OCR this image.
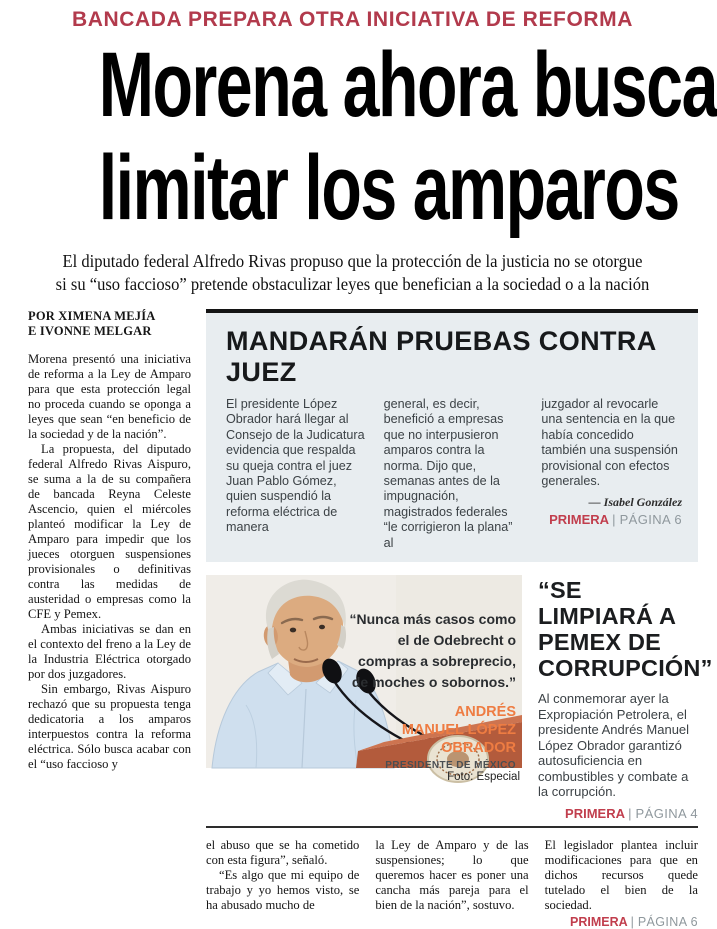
BANCADA PREPARA OTRA INICIATIVA DE REFORMA
Morena ahora busca
limitar los amparos
El diputado federal Alfredo Rivas propuso que la protección de la justicia no se otorgue
si su “uso faccioso” pretende obstaculizar leyes que benefician a la sociedad o a la nación
POR XIMENA MEJÍA
E IVONNE MELGAR

Morena presentó una iniciativa de reforma a la Ley de Amparo para que esta protección legal no proceda cuando se oponga a leyes que sean “en beneficio de la sociedad y de la nación”.

La propuesta, del diputado federal Alfredo Rivas Aispuro, se suma a la de su compañera de bancada Reyna Celeste Ascencio, quien el miércoles planteó modificar la Ley de Amparo para impedir que los jueces otorguen suspensiones provisionales o definitivas contra las medidas de austeridad o empresas como la CFE y Pemex.

Ambas iniciativas se dan en el contexto del freno a la Ley de la Industria Eléctrica otorgado por dos juzgadores.

Sin embargo, Rivas Aispuro rechazó que su propuesta tenga dedicatoria a los amparos interpuestos contra la reforma eléctrica. Sólo busca acabar con el “uso faccioso y

MANDARÁN PRUEBAS CONTRA JUEZ

El presidente López Obrador hará llegar al Consejo de la Judicatura evidencia que respalda su queja contra el juez Juan Pablo Gómez, quien suspendió la reforma eléctrica de manera

general, es decir, benefició a empresas que no interpusieron amparos contra la norma. Dijo que, semanas antes de la impugnación, magistrados federales “le corrigieron la plana” al

juzgador al revocarle una sentencia en la que había concedido también una suspensión provisional con efectos generales.

— Isabel González
PRIMERA | PÁGINA 6
“Nunca más casos como el de Odebrecht o compras a sobreprecio, de moches o sobornos.”
ANDRÉS MANUEL LÓPEZ OBRADOR
PRESIDENTE DE MÉXICO
Foto: Especial
“SE LIMPIARÁ A PEMEX DE CORRUPCIÓN”

Al conmemorar ayer la Expropiación Petrolera, el presidente Andrés Manuel López Obrador garantizó autosuficiencia en combustibles y combate a la corrupción.

PRIMERA | PÁGINA 4

el abuso que se ha cometido con esta figura”, señaló.

“Es algo que mi equipo de trabajo y yo hemos visto, se ha abusado mucho de

la Ley de Amparo y de las suspensiones; lo que queremos hacer es poner una cancha más pareja para el bien de la nación”, sostuvo.

El legislador plantea incluir modificaciones para que en dichos recursos quede tutelado el bien de la sociedad.

PRIMERA | PÁGINA 6
